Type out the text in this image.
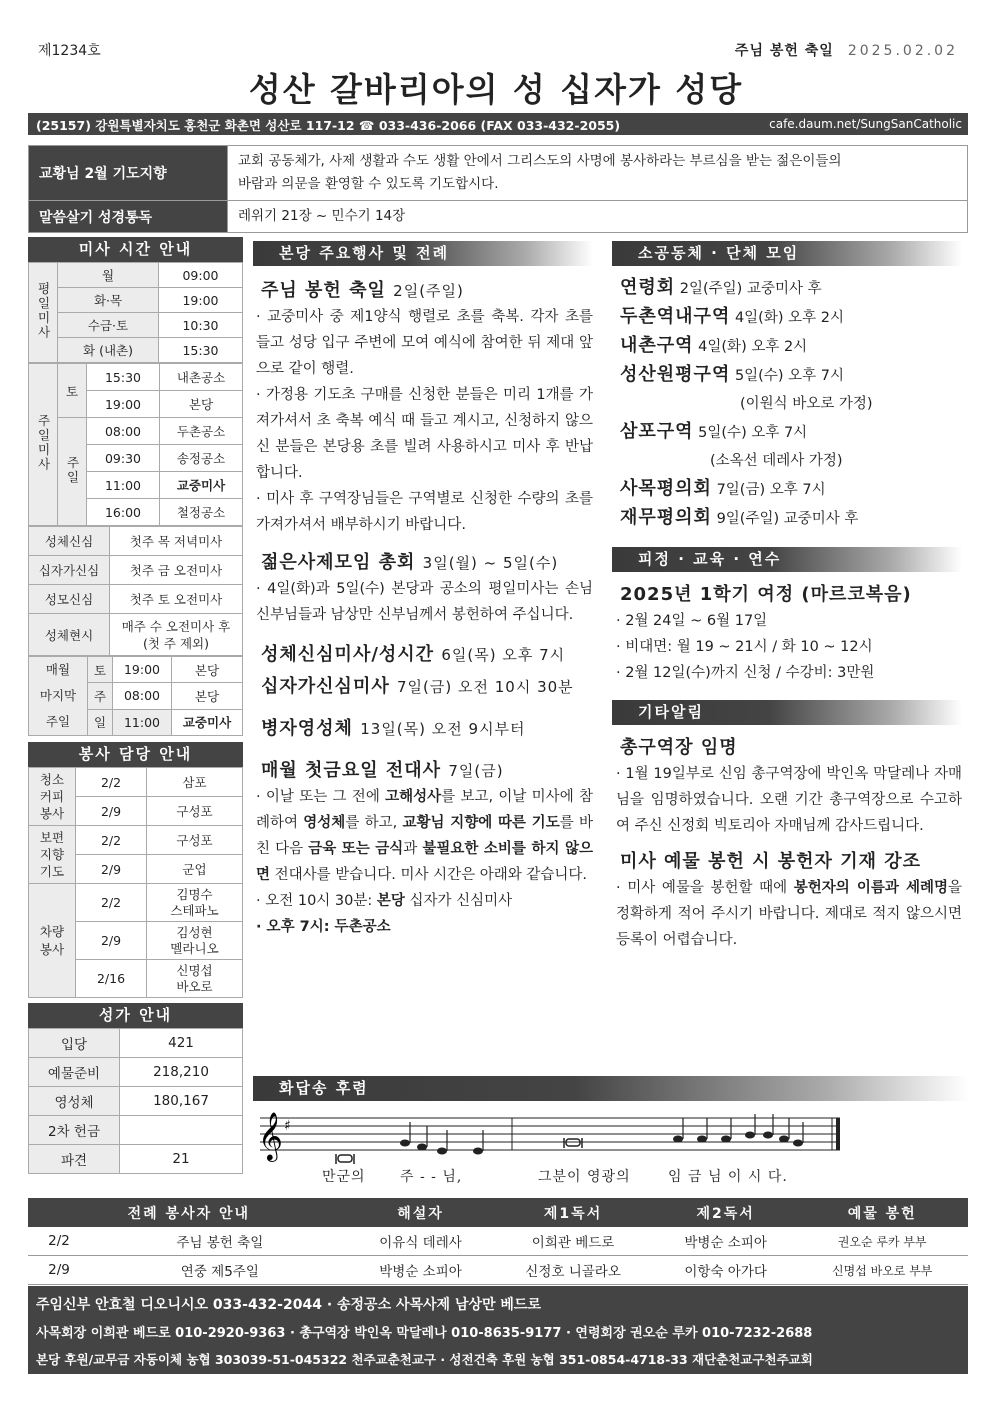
제1234호	주님 봉헌 축일 2025.02.02
성산 갈바리아의 성 십자가 성당
(25157) 강원특별자치도 홍천군 화촌면 성산로 117-12 ☎ 033-436-2066 (FAX 033-432-2055)	cafe.daum.net/SungSanCatholic
교황님 2월 기도지향	교회 공동체가, 사제 생활과 수도 생활 안에서 그리스도의 사명에 봉사하라는 부르심을 받는 젊은이들의
바람과 의문을 환영할 수 있도록 기도합시다.
말씀살기 성경통독	레위기 21장 ~ 민수기 14장
미사 시간 안내
평일미사	월	09:00
	화·목	19:00
	수금·토	10:30
	화 (내촌)	15:30
주일미사	토	15:30	내촌공소
		19:00	본당
	주일	08:00	두촌공소
		09:30	송정공소
		11:00	교중미사
		16:00	철정공소
성체신심	첫주 목 저녁미사
십자가신심	첫주 금 오전미사
성모신심	첫주 토 오전미사
성체현시	매주 수 오전미사 후
(첫 주 제외)
매월
마지막
주일	토	19:00	본당
	주	08:00	본당
	일	11:00	교중미사
봉사 담당 안내
청소
커피
봉사	2/2	삼포
	2/9	구성포
보편
지향
기도	2/2	구성포
	2/9	군업
차량
봉사	2/2	김명수
스테파노
	2/9	김성현
멜라니오
	2/16	신명섭
바오로
성가 안내
입당	421
예물준비	218,210
영성체	180,167
2차 헌금	
파견	21
본당 주요행사 및 전례
주님 봉헌 축일 2일(주일)
· 교중미사 중 제1양식 행렬로 초를 축복. 각자 초를 들고 성당 입구 주변에 모여 예식에 참여한 뒤 제대 앞으로 같이 행렬.
· 가정용 기도초 구매를 신청한 분들은 미리 1개를 가져가셔서 초 축복 예식 때 들고 계시고, 신청하지 않으신 분들은 본당용 초를 빌려 사용하시고 미사 후 반납합니다.
· 미사 후 구역장님들은 구역별로 신청한 수량의 초를 가져가셔서 배부하시기 바랍니다.
젊은사제모임 총회 3일(월) ~ 5일(수)
· 4일(화)과 5일(수) 본당과 공소의 평일미사는 손님신부님들과 남상만 신부님께서 봉헌하여 주십니다.
성체신심미사/성시간 6일(목) 오후 7시
십자가신심미사 7일(금) 오전 10시 30분
병자영성체 13일(목) 오전 9시부터
매월 첫금요일 전대사 7일(금)
· 이날 또는 그 전에 고해성사를 보고, 이날 미사에 참례하여 영성체를 하고, 교황님 지향에 따른 기도를 바친 다음 금육 또는 금식과 불필요한 소비를 하지 않으면 전대사를 받습니다. 미사 시간은 아래와 같습니다.
· 오전 10시 30분: 본당 십자가 신심미사
· 오후 7시: 두촌공소
소공동체 · 단체 모임
연령회 2일(주일) 교중미사 후
두촌역내구역 4일(화) 오후 2시
내촌구역 4일(화) 오후 2시
성산원평구역 5일(수) 오후 7시
(이원식 바오로 가정)
삼포구역 5일(수) 오후 7시
(소옥선 데레사 가정)
사목평의회 7일(금) 오후 7시
재무평의회 9일(주일) 교중미사 후
피정 · 교육 · 연수
2025년 1학기 여정 (마르코복음)
· 2월 24일 ~ 6월 17일
· 비대면: 월 19 ~ 21시 / 화 10 ~ 12시
· 2월 12일(수)까지 신청 / 수강비: 3만원
기타알림
총구역장 임명
· 1월 19일부로 신임 총구역장에 박인옥 막달레나 자매님을 임명하였습니다. 오랜 기간 총구역장으로 수고하여 주신 신정회 빅토리아 자매님께 감사드립니다.
미사 예물 봉헌 시 봉헌자 기재 강조
· 미사 예물을 봉헌할 때에 봉헌자의 이름과 세례명을 정확하게 적어 주시기 바랍니다. 제대로 적지 않으시면 등록이 어렵습니다.
화답송 후렴
𝄞 ♯
만군의 주 - - 님,	그분이 영광의	임 금 님 이 시 다.
전례 봉사자 안내		해설자	제1독서	제2독서	예물 봉헌
2/2	주님 봉헌 축일	이유식 데레사	이희관 베드로	박병순 소피아	권오순 루카 부부
2/9	연중 제5주일	박병순 소피아	신정호 니골라오	이항숙 아가다	신명섭 바오로 부부
주임신부 안효철 디오니시오 033-432-2044 · 송정공소 사목사제 남상만 베드로
사목회장 이희관 베드로 010-2920-9363 · 총구역장 박인옥 막달레나 010-8635-9177 · 연령회장 권오순 루카 010-7232-2688
본당 후원/교무금 자동이체 농협 303039-51-045322 천주교춘천교구 · 성전건축 후원 농협 351-0854-4718-33 재단춘천교구천주교회
